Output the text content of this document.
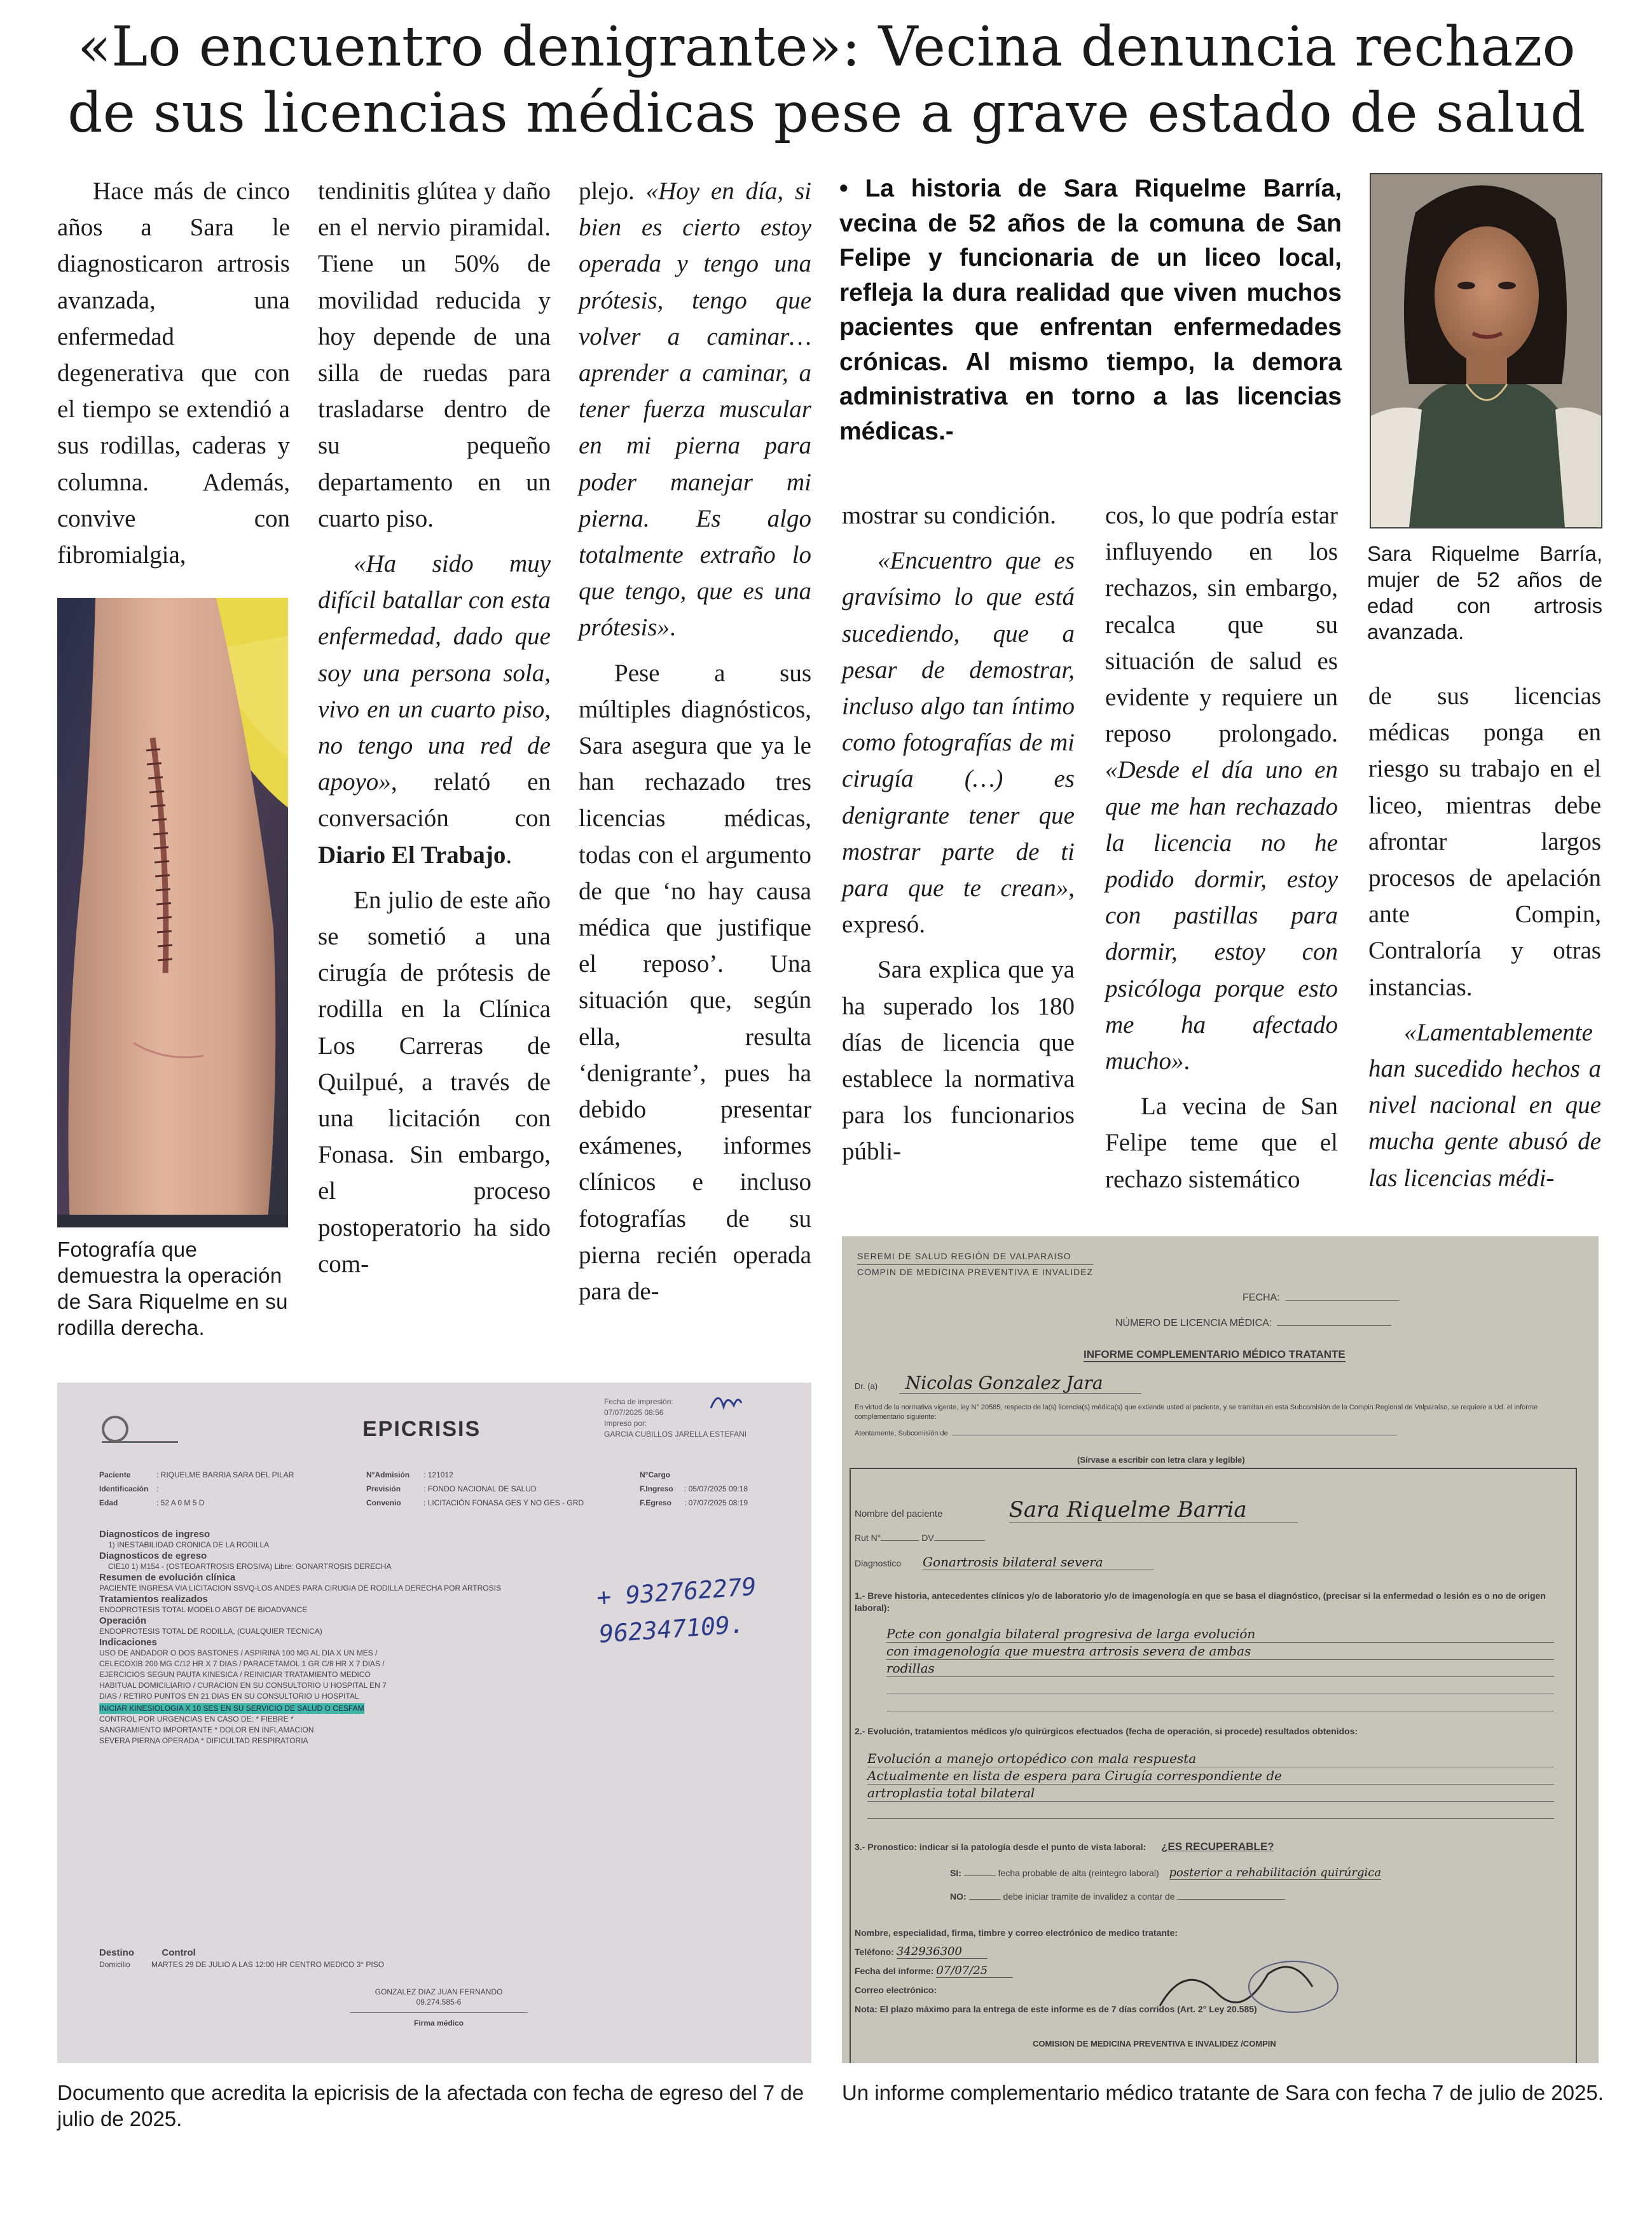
«Lo encuentro denigrante»: Vecina denuncia rechazo de sus licencias médicas pese a grave estado de salud

Hace más de cinco años a Sara le diagnosticaron artrosis avanzada, una enfermedad degenerativa que con el tiempo se extendió a sus rodillas, caderas y columna. Además, convive con fibromialgia,

Fotografía que demuestra la operación de Sara Riquelme en su rodilla derecha.

tendinitis glútea y daño en el nervio piramidal. Tiene un 50% de movilidad reducida y hoy depende de una silla de ruedas para trasladarse dentro de su pequeño departamento en un cuarto piso.

«Ha sido muy difícil batallar con esta enfermedad, dado que soy una persona sola, vivo en un cuarto piso, no tengo una red de apoyo», relató en conversación con Diario El Trabajo.

En julio de este año se sometió a una cirugía de prótesis de rodilla en la Clínica Los Carreras de Quilpué, a través de una licitación con Fonasa. Sin embargo, el proceso postoperatorio ha sido com-

plejo. «Hoy en día, si bien es cierto estoy operada y tengo una prótesis, tengo que volver a caminar… aprender a caminar, a tener fuerza muscular en mi pierna para poder manejar mi pierna. Es algo totalmente extraño lo que tengo, que es una prótesis».

Pese a sus múltiples diagnósticos, Sara asegura que ya le han rechazado tres licencias médicas, todas con el argumento de que ‘no hay causa médica que justifique el reposo’. Una situación que, según ella, resulta ‘denigrante’, pues ha debido presentar exámenes, informes clínicos e incluso fotografías de su pierna recién operada para de-

• La historia de Sara Riquelme Barría, vecina de 52 años de la comuna de San Felipe y funcionaria de un liceo local, refleja la dura realidad que viven muchos pacientes que enfrentan enfermedades crónicas. Al mismo tiempo, la demora administrativa en torno a las licencias médicas.-
Sara Riquelme Barría, mujer de 52 años de edad con artrosis avanzada.

mostrar su condición.

«Encuentro que es gravísimo lo que está sucediendo, que a pesar de demostrar, incluso algo tan íntimo como fotografías de mi cirugía (…) es denigrante tener que mostrar parte de ti para que te crean», expresó.

Sara explica que ya ha superado los 180 días de licencia que establece la normativa para los funcionarios públi-

cos, lo que podría estar influyendo en los rechazos, sin embargo, recalca que su situación de salud es evidente y requiere un reposo prolongado. «Desde el día uno en que me han rechazado la licencia no he podido dormir, estoy con pastillas para dormir, estoy con psicóloga porque esto me ha afectado mucho».

La vecina de San Felipe teme que el rechazo sistemático

de sus licencias médicas ponga en riesgo su trabajo en el liceo, mientras debe afrontar largos procesos de apelación ante Compin, Contraloría y otras instancias.

«Lamentablemente han sucedido hechos a nivel nacional en que mucha gente abusó de las licencias médi-

EPICRISIS
Fecha de impresión:
07/07/2025 08:56
Impreso por:
GARCIA CUBILLOS JARELLA ESTEFANI
Paciente	: RIQUELME BARRIA SARA DEL PILAR	N°Admisión	: 121012	N°Cargo
Identificación	:	Previsión	: FONDO NACIONAL DE SALUD	F.Ingreso	: 05/07/2025 09:18
Edad	: 52 A 0 M 5 D	Convenio	: LICITACIÓN FONASA GES Y NO GES - GRD	F.Egreso	: 07/07/2025 08:19
Diagnosticos de ingreso
1) INESTABILIDAD CRONICA DE LA RODILLA
Diagnosticos de egreso
CIE10 1) M154 - (OSTEOARTROSIS EROSIVA) Libre: GONARTROSIS DERECHA
Resumen de evolución clínica
PACIENTE INGRESA VIA LICITACION SSVQ-LOS ANDES PARA CIRUGIA DE RODILLA DERECHA POR ARTROSIS
Tratamientos realizados
ENDOPROTESIS TOTAL MODELO ABGT DE BIOADVANCE
Operación
ENDOPROTESIS TOTAL DE RODILLA, (CUALQUIER TECNICA)
Indicaciones
USO DE ANDADOR O DOS BASTONES / ASPIRINA 100 MG AL DIA X UN MES / CELECOXIB 200 MG C/12 HR X 7 DIAS / PARACETAMOL 1 GR C/8 HR X 7 DIAS / EJERCICIOS SEGUN PAUTA KINESICA / REINICIAR TRATAMIENTO MEDICO HABITUAL DOMICILIARIO / CURACION EN SU CONSULTORIO U HOSPITAL EN 7 DIAS / RETIRO PUNTOS EN 21 DIAS EN SU CONSULTORIO U HOSPITAL
INICIAR KINESIOLOGIA X 10 SES EN SU SERVICIO DE SALUD O CESFAM
CONTROL POR URGENCIAS EN CASO DE: * FIEBRE * SANGRAMIENTO IMPORTANTE * DOLOR EN INFLAMACION SEVERA PIERNA OPERADA * DIFICULTAD RESPIRATORIA
Destino	Control
Domicilio	MARTES 29 DE JULIO A LAS 12:00 HR CENTRO MEDICO 3° PISO
GONZALEZ DIAZ JUAN FERNANDO
09.274.585-6
Firma médico
+ 932762279
962347109.
Documento que acredita la epicrisis de la afectada con fecha de egreso del 7 de julio de 2025.
SEREMI DE SALUD REGIÓN DE VALPARAISO
COMPIN DE MEDICINA PREVENTIVA E INVALIDEZ
FECHA:
NÚMERO DE LICENCIA MÉDICA:
INFORME COMPLEMENTARIO MÉDICO TRATANTE
Dr. (a) Nicolas Gonzalez Jara
En virtud de la normativa vigente, ley N° 20585, respecto de la(s) licencia(s) médica(s) que extiende usted al paciente, y se tramitan en esta Subcomisión de la Compin Regional de Valparaíso, se requiere a Ud. el informe complementario siguiente:
Atentamente, Subcomisión de
(Sírvase a escribir con letra clara y legible)
Nombre del paciente	Sara Riquelme Barria
Rut N°	DV
Diagnostico Gonartrosis bilateral severa
1.- Breve historia, antecedentes clínicos y/o de laboratorio y/o de imagenología en que se basa el diagnóstico, (precisar si la enfermedad o lesión es o no de origen laboral):
Pcte con gonalgia bilateral progresiva de larga evolución
con imagenología que muestra artrosis severa de ambas
rodillas
2.- Evolución, tratamientos médicos y/o quirúrgicos efectuados (fecha de operación, si procede) resultados obtenidos:
Evolución a manejo ortopédico con mala respuesta
Actualmente en lista de espera para Cirugía correspondiente de
artroplastia total bilateral
3.- Pronostico: indicar si la patología desde el punto de vista laboral: ¿ES RECUPERABLE?
SI:	fecha probable de alta (reintegro laboral) posterior a rehabilitación quirúrgica
NO:	debe iniciar tramite de invalidez a contar de
Nombre, especialidad, firma, timbre y correo electrónico de medico tratante:
Teléfono: 342936300
Fecha del informe: 07/07/25
Correo electrónico:
Nota: El plazo máximo para la entrega de este informe es de 7 días corridos (Art. 2° Ley 20.585)
COMISION DE MEDICINA PREVENTIVA E INVALIDEZ /COMPIN
Un informe complementario médico tratante de Sara con fecha 7 de julio de 2025.
